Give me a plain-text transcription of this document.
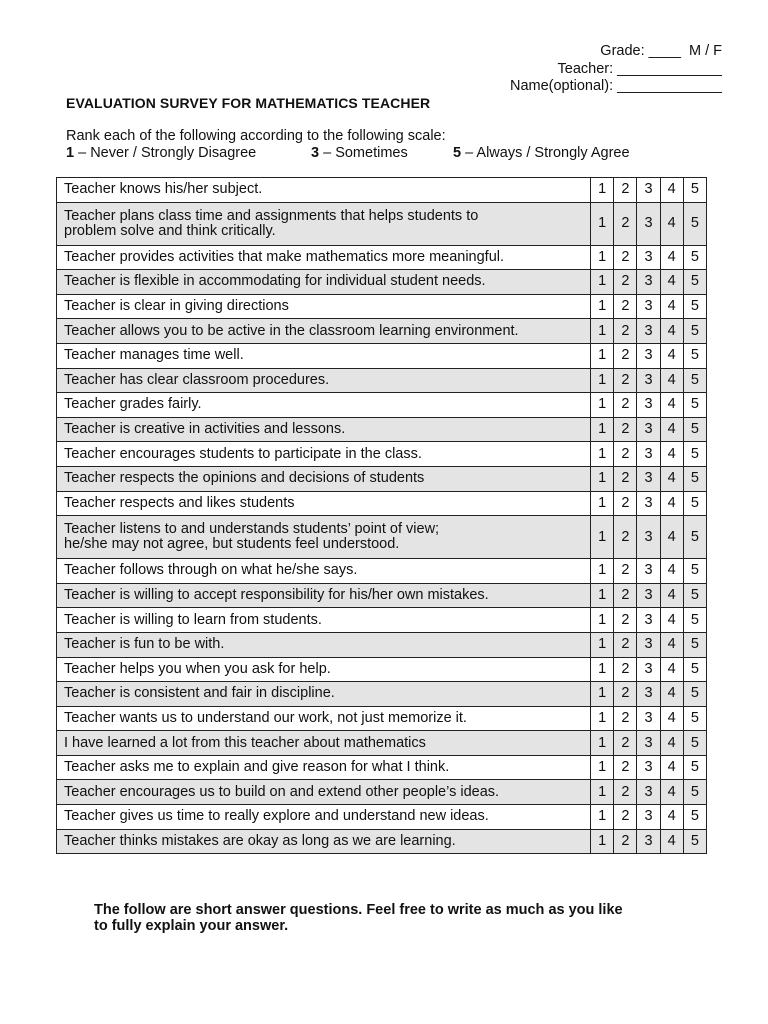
Grade: ____  M / F
Teacher: _____________
Name(optional): _____________
EVALUATION SURVEY FOR MATHEMATICS TEACHER
Rank each of the following according to the following scale:
1 – Never / Strongly Disagree	3 – Sometimes	5 – Always / Strongly Agree
Teacher knows his/her subject.	1	2	3	4	5
Teacher plans class time and assignments that helps students to
problem solve and think critically.	1	2	3	4	5
Teacher provides activities that make mathematics more meaningful.	1	2	3	4	5
Teacher is flexible in accommodating for individual student needs.	1	2	3	4	5
Teacher is clear in giving directions	1	2	3	4	5
Teacher allows you to be active in the classroom learning environment.	1	2	3	4	5
Teacher manages time well.	1	2	3	4	5
Teacher has clear classroom procedures.	1	2	3	4	5
Teacher grades fairly.	1	2	3	4	5
Teacher is creative in activities and lessons.	1	2	3	4	5
Teacher encourages students to participate in the class.	1	2	3	4	5
Teacher respects the opinions and decisions of students	1	2	3	4	5
Teacher respects and likes students	1	2	3	4	5
Teacher listens to and understands students’ point of view;
he/she may not agree, but students feel understood.	1	2	3	4	5
Teacher follows through on what he/she says.	1	2	3	4	5
Teacher is willing to accept responsibility for his/her own mistakes.	1	2	3	4	5
Teacher is willing to learn from students.	1	2	3	4	5
Teacher is fun to be with.	1	2	3	4	5
Teacher helps you when you ask for help.	1	2	3	4	5
Teacher is consistent and fair in discipline.	1	2	3	4	5
Teacher wants us to understand our work, not just memorize it.	1	2	3	4	5
I have learned a lot from this teacher about mathematics	1	2	3	4	5
Teacher asks me to explain and give reason for what I think.	1	2	3	4	5
Teacher encourages us to build on and extend other people’s ideas.	1	2	3	4	5
Teacher gives us time to really explore and understand new ideas.	1	2	3	4	5
Teacher thinks mistakes are okay as long as we are learning.	1	2	3	4	5
The follow are short answer questions. Feel free to write as much as you like
to fully explain your answer.
